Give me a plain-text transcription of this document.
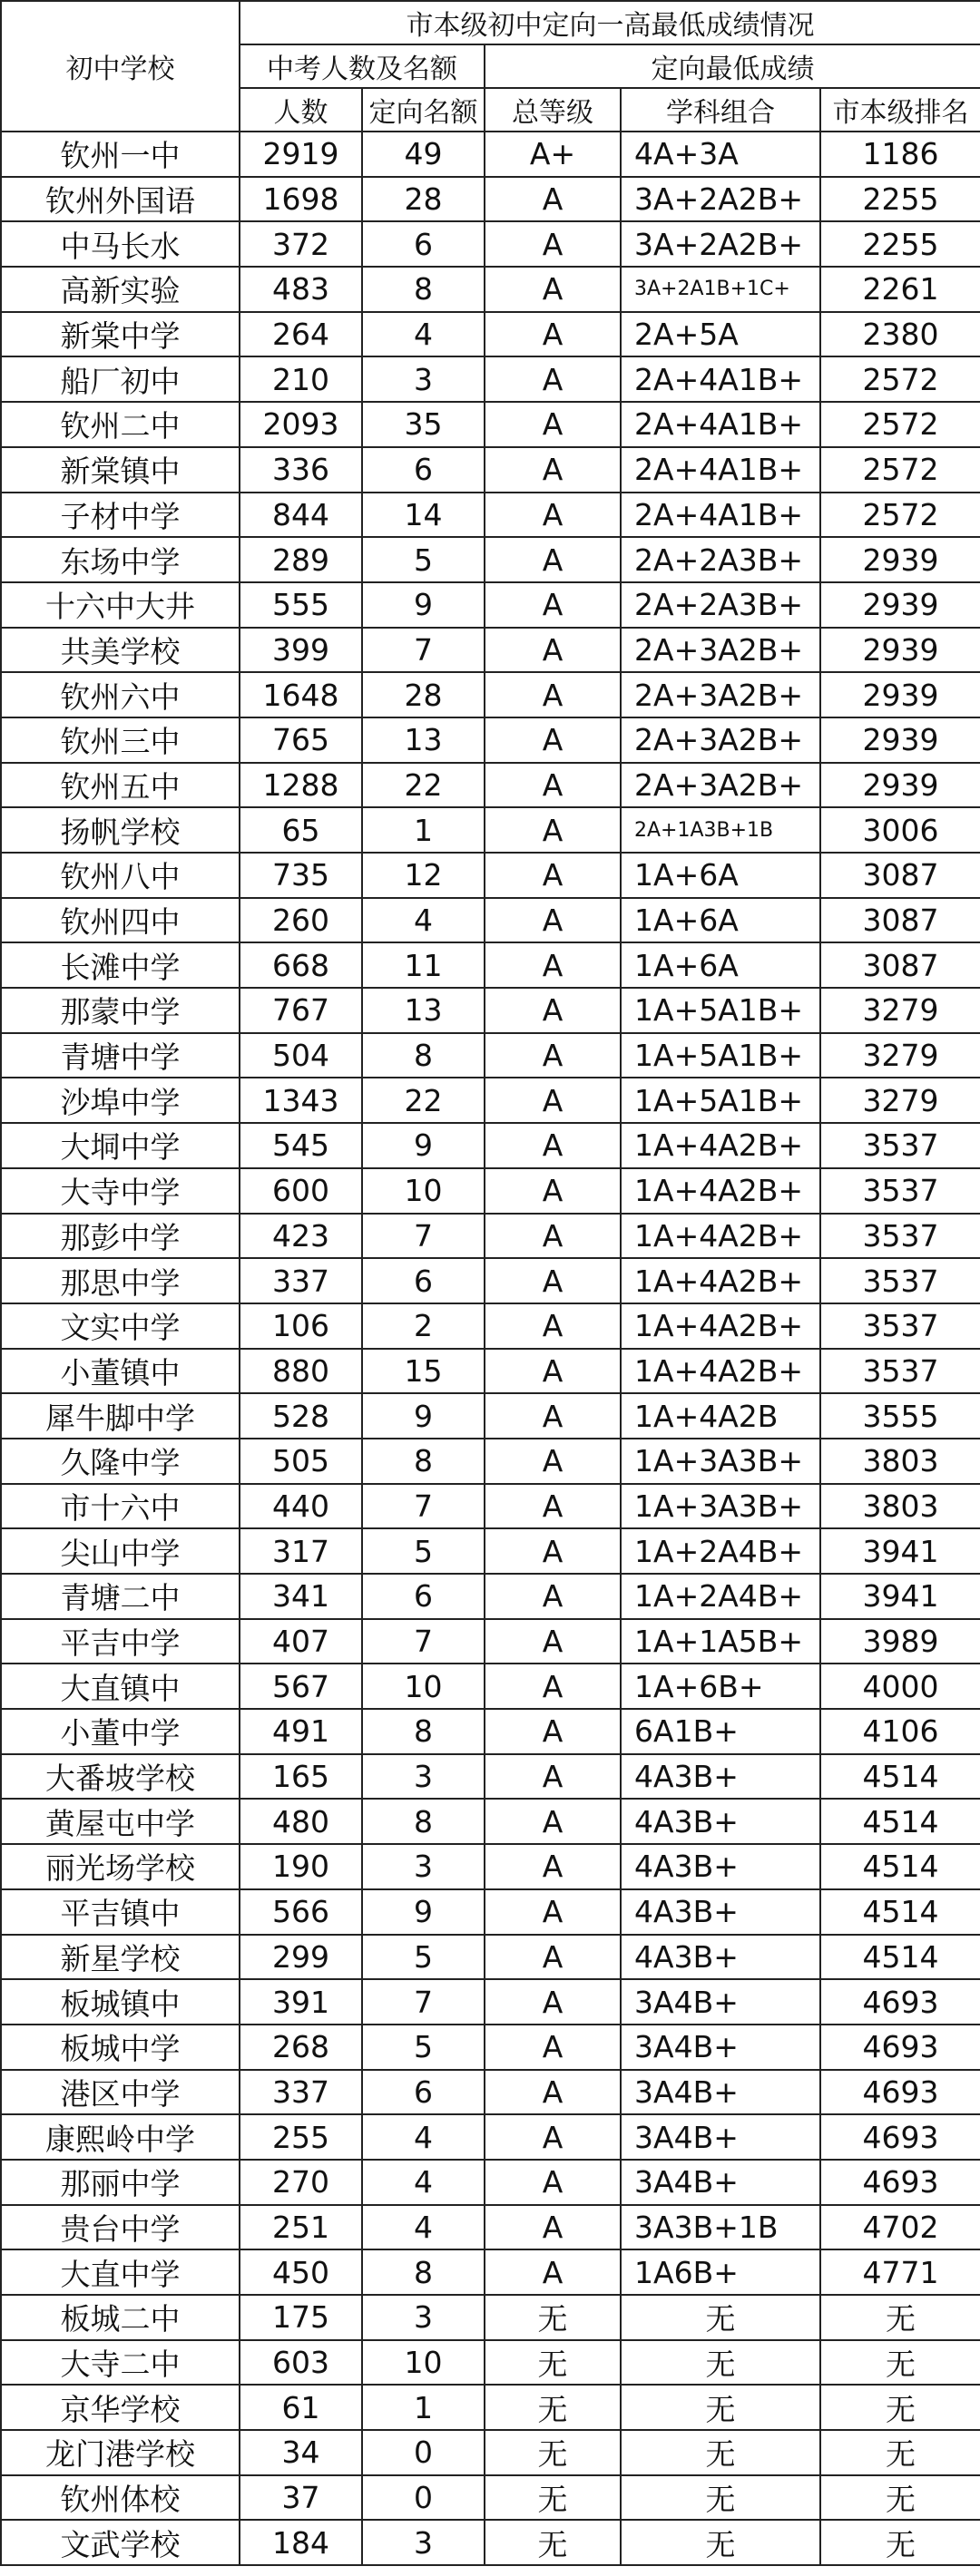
初中学校	市本级初中定向一高最低成绩情况				
	中考人数及名额		定向最低成绩		
	人数	定向名额	总等级	学科组合	市本级排名
钦州一中	2919	49	A+	4A+3A	1186
钦州外国语	1698	28	A	3A+2A2B+	2255
中马长水	372	6	A	3A+2A2B+	2255
高新实验	483	8	A	3A+2A1B+1C+	2261
新棠中学	264	4	A	2A+5A	2380
船厂初中	210	3	A	2A+4A1B+	2572
钦州二中	2093	35	A	2A+4A1B+	2572
新棠镇中	336	6	A	2A+4A1B+	2572
子材中学	844	14	A	2A+4A1B+	2572
东场中学	289	5	A	2A+2A3B+	2939
十六中大井	555	9	A	2A+2A3B+	2939
共美学校	399	7	A	2A+3A2B+	2939
钦州六中	1648	28	A	2A+3A2B+	2939
钦州三中	765	13	A	2A+3A2B+	2939
钦州五中	1288	22	A	2A+3A2B+	2939
扬帆学校	65	1	A	2A+1A3B+1B	3006
钦州八中	735	12	A	1A+6A	3087
钦州四中	260	4	A	1A+6A	3087
长滩中学	668	11	A	1A+6A	3087
那蒙中学	767	13	A	1A+5A1B+	3279
青塘中学	504	8	A	1A+5A1B+	3279
沙埠中学	1343	22	A	1A+5A1B+	3279
大垌中学	545	9	A	1A+4A2B+	3537
大寺中学	600	10	A	1A+4A2B+	3537
那彭中学	423	7	A	1A+4A2B+	3537
那思中学	337	6	A	1A+4A2B+	3537
文实中学	106	2	A	1A+4A2B+	3537
小董镇中	880	15	A	1A+4A2B+	3537
犀牛脚中学	528	9	A	1A+4A2B	3555
久隆中学	505	8	A	1A+3A3B+	3803
市十六中	440	7	A	1A+3A3B+	3803
尖山中学	317	5	A	1A+2A4B+	3941
青塘二中	341	6	A	1A+2A4B+	3941
平吉中学	407	7	A	1A+1A5B+	3989
大直镇中	567	10	A	1A+6B+	4000
小董中学	491	8	A	6A1B+	4106
大番坡学校	165	3	A	4A3B+	4514
黄屋屯中学	480	8	A	4A3B+	4514
丽光场学校	190	3	A	4A3B+	4514
平吉镇中	566	9	A	4A3B+	4514
新星学校	299	5	A	4A3B+	4514
板城镇中	391	7	A	3A4B+	4693
板城中学	268	5	A	3A4B+	4693
港区中学	337	6	A	3A4B+	4693
康熙岭中学	255	4	A	3A4B+	4693
那丽中学	270	4	A	3A4B+	4693
贵台中学	251	4	A	3A3B+1B	4702
大直中学	450	8	A	1A6B+	4771
板城二中	175	3	无	无	无
大寺二中	603	10	无	无	无
京华学校	61	1	无	无	无
龙门港学校	34	0	无	无	无
钦州体校	37	0	无	无	无
文武学校	184	3	无	无	无
